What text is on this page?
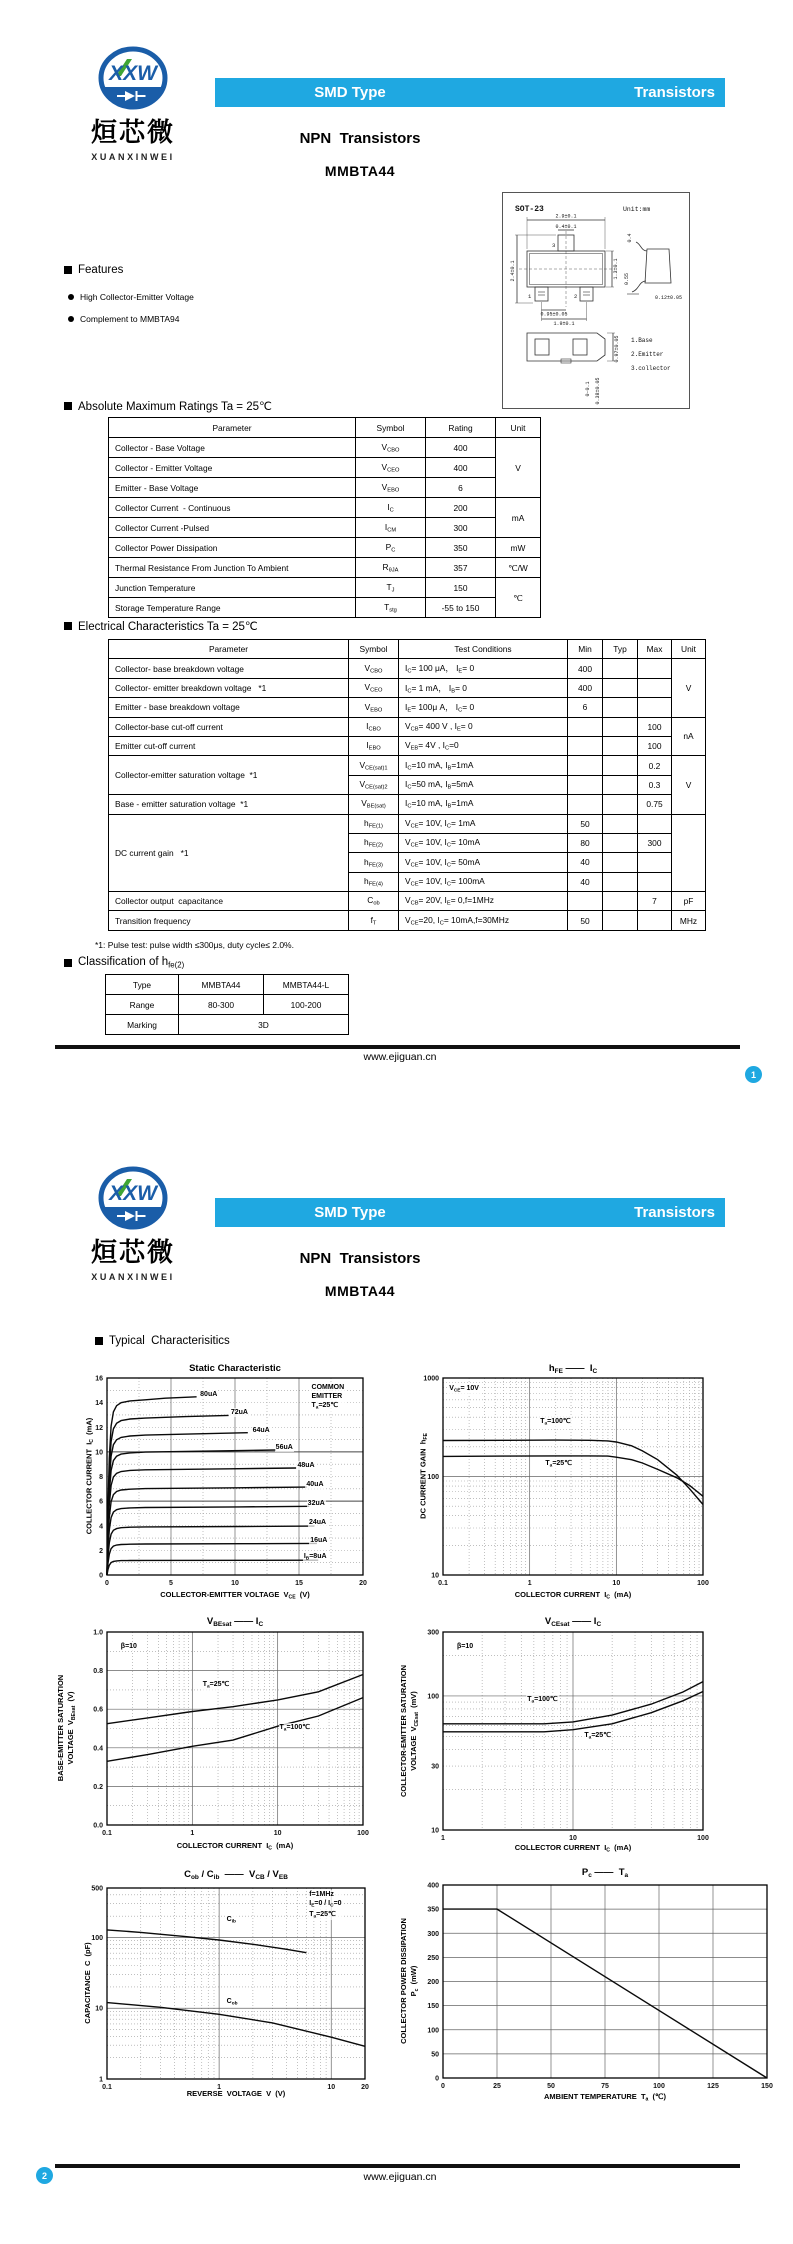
XXW
烜芯微
XUANXINWEI
SMD Type	Transistors
NPN  Transistors
MMBTA44
SOT-23	Unit:mm
3
1	2
2.9±0.1
0.4±0.1
2.4±0.1	1.3±0.1
0.95±0.05
1.9±0.1
0.4
0.55
0.12±0.05
0.97±0.05
0-0.1 0.38±0.05
1.Base
2.Emitter
3.collector
Features
High Collector-Emitter Voltage
Complement to MMBTA94
Absolute Maximum Ratings Ta = 25℃
Parameter	Symbol	Rating	Unit
Collector - Base Voltage	$V_{CBO}$	400	V
Collector - Emitter Voltage	$V_{CEO}$	400	
Emitter - Base Voltage	$V_{EBO}$	6	
Collector Current  - Continuous	$I_C$	200	mA
Collector Current -Pulsed	$I_{CM}$	300	
Collector Power Dissipation	$P_C$	350	mW
Thermal Resistance From Junction To Ambient	$R_{\theta JA}$	357	℃/W
Junction Temperature	$T_J$	150	℃
Storage Temperature Range	$T_{stg}$	-55 to 150	
Electrical Characteristics Ta = 25℃
Parameter	Symbol	Test Conditions	Min	Typ	Max	Unit
Collector- base breakdown voltage	$V_{CBO}$	$I_C= 100$ μA， $I_E= 0$	400			V
Collector- emitter breakdown voltage   *1	$V_{CEO}$	$I_C= 1$ mA， $I_B= 0$	400			
Emitter - base breakdown voltage	$V_{EBO}$	$I_E= 100\mu$ A， $I_C= 0$	6			
Collector-base cut-off current	$I_{CBO}$	$V_{CB}= 400$ V , $I_E= 0$			100	nA
Emitter cut-off current	$I_{EBO}$	$V_{EB}= 4V$ , $I_C=0$			100	
Collector-emitter saturation voltage  *1	$V_{CE(sat)1}$	$I_C=10$ mA, $I_B=1mA$			0.2	V
	$V_{CE(sat)2}$	$I_C=50$ mA, $I_B=5mA$			0.3	
Base - emitter saturation voltage  *1	$V_{BE(sat)}$	$I_C=10$ mA, $I_B=1mA$			0.75	
DC current gain   *1	$h_{FE(1)}$	$V_{CE}= 10V$, $I_C= 1mA$	50			
	$h_{FE(2)}$	$V_{CE}= 10V$, $I_C= 10mA$	80		300	
	$h_{FE(3)}$	$V_{CE}= 10V$, $I_C= 50mA$	40			
	$h_{FE(4)}$	$V_{CE}= 10V$, $I_C= 100mA$	40			
Collector output  capacitance	$C_{ob}$	$V_{CB}= 20V$, $I_E= 0,f=1MHz$			7	pF
Transition frequency	$f_T$	$V_{CE}=20$, $I_C= 10mA,f=30MHz$	50			MHz
*1: Pulse test: pulse width ≤300μs, duty cycle≤ 2.0%.
Classification of $h_{fe(2)}$
Type	MMBTA44	MMBTA44-L
Range	80-300	100-200
Marking	3D	
www.ejiguan.cn
1
XXW
烜芯微
XUANXINWEI
SMD Type	Transistors
NPN  Transistors
MMBTA44
Typical  Characterisitics
Static Characteristic
COLLECTOR CURRENT  $I_C$  (mA)
0	5	10	15	20
0
2
4
6
8
10
12
14
16
80uA
72uA
64uA
56uA
48uA
40uA
32uA
24uA
16uA
$I_B=8uA$
COMMON
EMITTER
$T_a=25℃$
COLLECTOR-EMITTER VOLTAGE  $V_{CE}$  (V)
$h_{FE}$ ——  $I_C$
DC CURRENT GAIN  $h_{FE}$
0.1	1	10	100
10
100
1000
$V_{CE}= 10V$
$T_a=100℃$
$T_a=25℃$
COLLECTOR CURRENT  $I_C$  (mA)
$V_{BEsat}$ —— $I_C$
BASE-EMITTER SATURATION
VOLTAGE  $V_{BEsat}$  (V)
0.1	1	10	100
0.0
0.2
0.4
0.6
0.8
1.0
β=10
$T_a=25℃$
$T_a=100℃$
COLLECTOR CURRENT  $I_C$  (mA)
$V_{CEsat}$ —— $I_C$
COLLECTOR-EMITTER SATURATION
VOLTAGE  $V_{CEsat}$  (mV)
1	10	100
10
30
100
300
β=10
$T_a=100℃$
$T_a=25℃$
COLLECTOR CURRENT  $I_C$  (mA)
$C_{ob} / C_{ib}$  ——  $V_{CB} / V_{EB}$
CAPACITANCE  C  (pF)
0.1	1	10	20
1
10
100
500
f=1MHz
$I_E=0 / I_C=0$
$T_a=25℃$
$C_{ib}$
$C_{ob}$
REVERSE  VOLTAGE  V  (V)
$P_c$ ——  $T_a$
COLLECTOR POWER DISSIPATION
$P_c$  (mW)
0	25	50	75	100	125	150
0
50
100
150
200
250
300
350
400
AMBIENT TEMPERATURE  $T_a$  (℃)
www.ejiguan.cn
2
